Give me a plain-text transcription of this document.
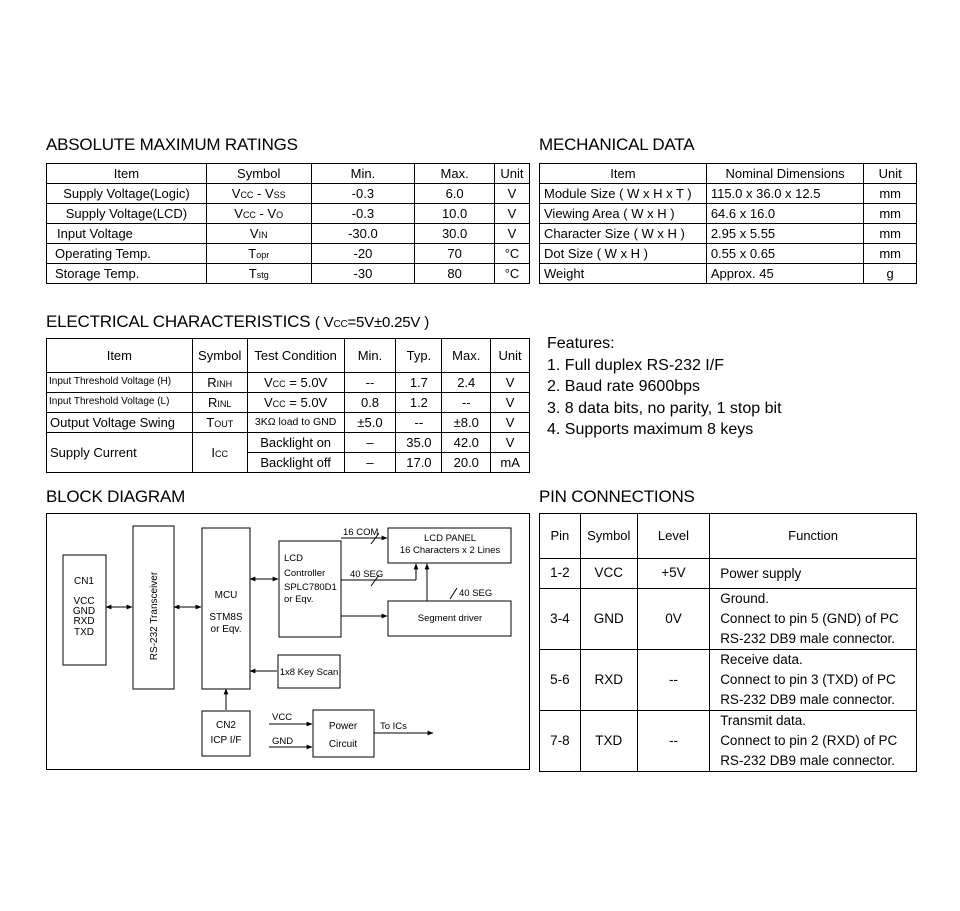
ABSOLUTE MAXIMUM RATINGS
Item	Symbol	Min.	Max.	Unit
Supply Voltage(Logic)	VCC - VSS	-0.3	6.0	V
Supply Voltage(LCD)	VCC - VO	-0.3	10.0	V
Input Voltage	VIN	-30.0	30.0	V
Operating Temp.	Topr	-20	70	°C
Storage Temp.	Tstg	-30	80	°C
MECHANICAL DATA
Item	Nominal Dimensions	Unit
Module Size ( W x H x T )	115.0 x 36.0 x 12.5	mm
Viewing Area ( W x H )	64.6 x 16.0	mm
Character Size ( W x H )	2.95 x 5.55	mm
Dot Size ( W x H )	0.55 x 0.65	mm
Weight	Approx. 45	g
ELECTRICAL CHARACTERISTICS ( VCC=5V±0.25V )
Item	Symbol	Test Condition	Min.	Typ.	Max.	Unit
Input Threshold Voltage (H)	RINH	VCC = 5.0V	--	1.7	2.4	V
Input Threshold Voltage (L)	RINL	VCC = 5.0V	0.8	1.2	--	V
Output Voltage Swing	TOUT	3KΩ load to GND	±5.0	--	±8.0	V
Supply Current	ICC	Backlight on	–	35.0	42.0	V
		Backlight off	–	17.0	20.0	mA
Features:
1. Full duplex RS-232 I/F
2. Baud rate 9600bps
3. 8 data bits, no parity, 1 stop bit
4. Supports maximum 8 keys
BLOCK DIAGRAM
CN1
VCC
GND
RXD
TXD	RS-232 Transceiver	MCU
STM8S
or Eqv.
LCD
Controller
SPLC780D1
or Eqv.
LCD PANEL
16 Characters x 2 Lines
Segment driver
1x8 Key Scan
CN2
ICP I/F
Power
Circuit
16 COM
40 SEG
40 SEG
VCC
GND
To ICs
PIN CONNECTIONS
Pin	Symbol	Level	Function
1-2	VCC	+5V	Power supply

3-4	GND	0V	Ground.
Connect to pin 5 (GND) of PC
RS-232 DB9 male connector.

5-6	RXD	--	Receive data.
Connect to pin 3 (TXD) of PC
RS-232 DB9 male connector.

7-8	TXD	--	Transmit data.
Connect to pin 2 (RXD) of PC
RS-232 DB9 male connector.
